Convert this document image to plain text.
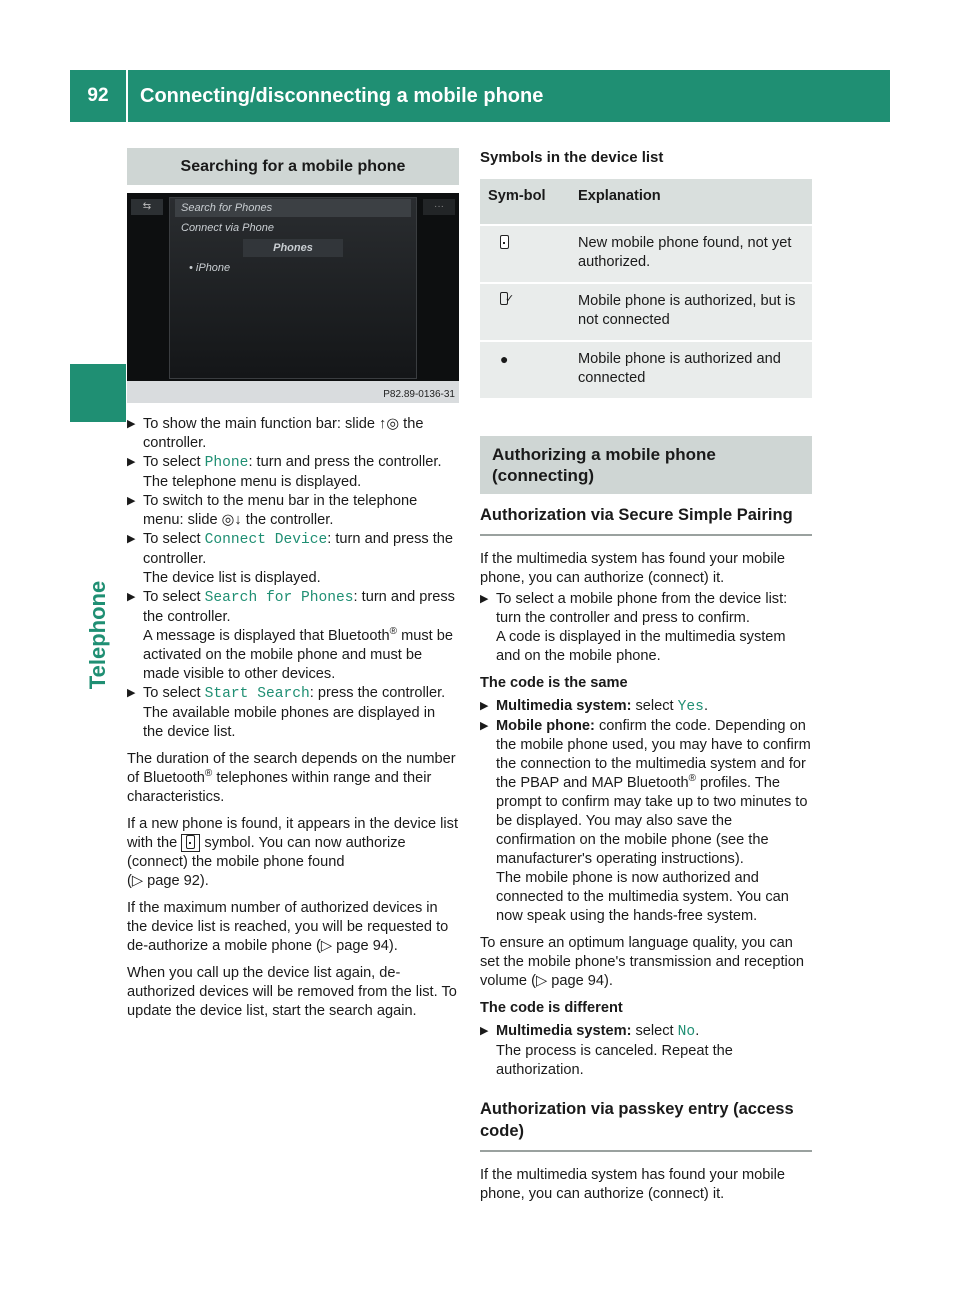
92	Connecting/disconnecting a mobile phone
Telephone
Searching for a mobile phone
⇆	···
Search for Phones
Connect via Phone
Phones
• iPhone
P82.89-0136-31
▶ To show the main function bar: slide ↑◎ the controller.
▶ To select Phone: turn and press the controller.
The telephone menu is displayed.
▶ To switch to the menu bar in the telephone menu: slide ◎↓ the controller.
▶ To select Connect Device: turn and press the controller.
The device list is displayed.
▶ To select Search for Phones: turn and press the controller.
A message is displayed that Bluetooth® must be activated on the mobile phone and must be made visible to other devices.
▶ To select Start Search: press the controller.
The available mobile phones are displayed in the device list.

The duration of the search depends on the number of Bluetooth® telephones within range and their characteristics.

If a new phone is found, it appears in the device list with the  symbol. You can now authorize (connect) the mobile phone found
(▷ page 92).

If the maximum number of authorized devices in the device list is reached, you will be requested to de-authorize a mobile phone (▷ page 94).

When you call up the device list again, de-authorized devices will be removed from the list. To update the device list, start the search again.

Symbols in the device list
Sym-bol	Explanation
	New mobile phone found, not yet authorized.
✓	Mobile phone is authorized, but is not connected
●	Mobile phone is authorized and connected
Authorizing a mobile phone (connecting)
Authorization via Secure Simple Pairing

If the multimedia system has found your mobile phone, you can authorize (connect) it.

▶ To select a mobile phone from the device list: turn the controller and press to confirm.
A code is displayed in the multimedia system and on the mobile phone.

The code is the same

▶ Multimedia system: select Yes.
▶ Mobile phone: confirm the code. Depending on the mobile phone used, you may have to confirm the connection to the multimedia system and for the PBAP and MAP Bluetooth® profiles. The prompt to confirm may take up to two minutes to be displayed. You may also save the confirmation on the mobile phone (see the manufacturer's operating instructions).
The mobile phone is now authorized and connected to the multimedia system. You can now speak using the hands-free system.

To ensure an optimum language quality, you can set the mobile phone's transmission and reception volume (▷ page 94).

The code is different

▶ Multimedia system: select No.
The process is canceled. Repeat the authorization.
Authorization via passkey entry (access code)

If the multimedia system has found your mobile phone, you can authorize (connect) it.
